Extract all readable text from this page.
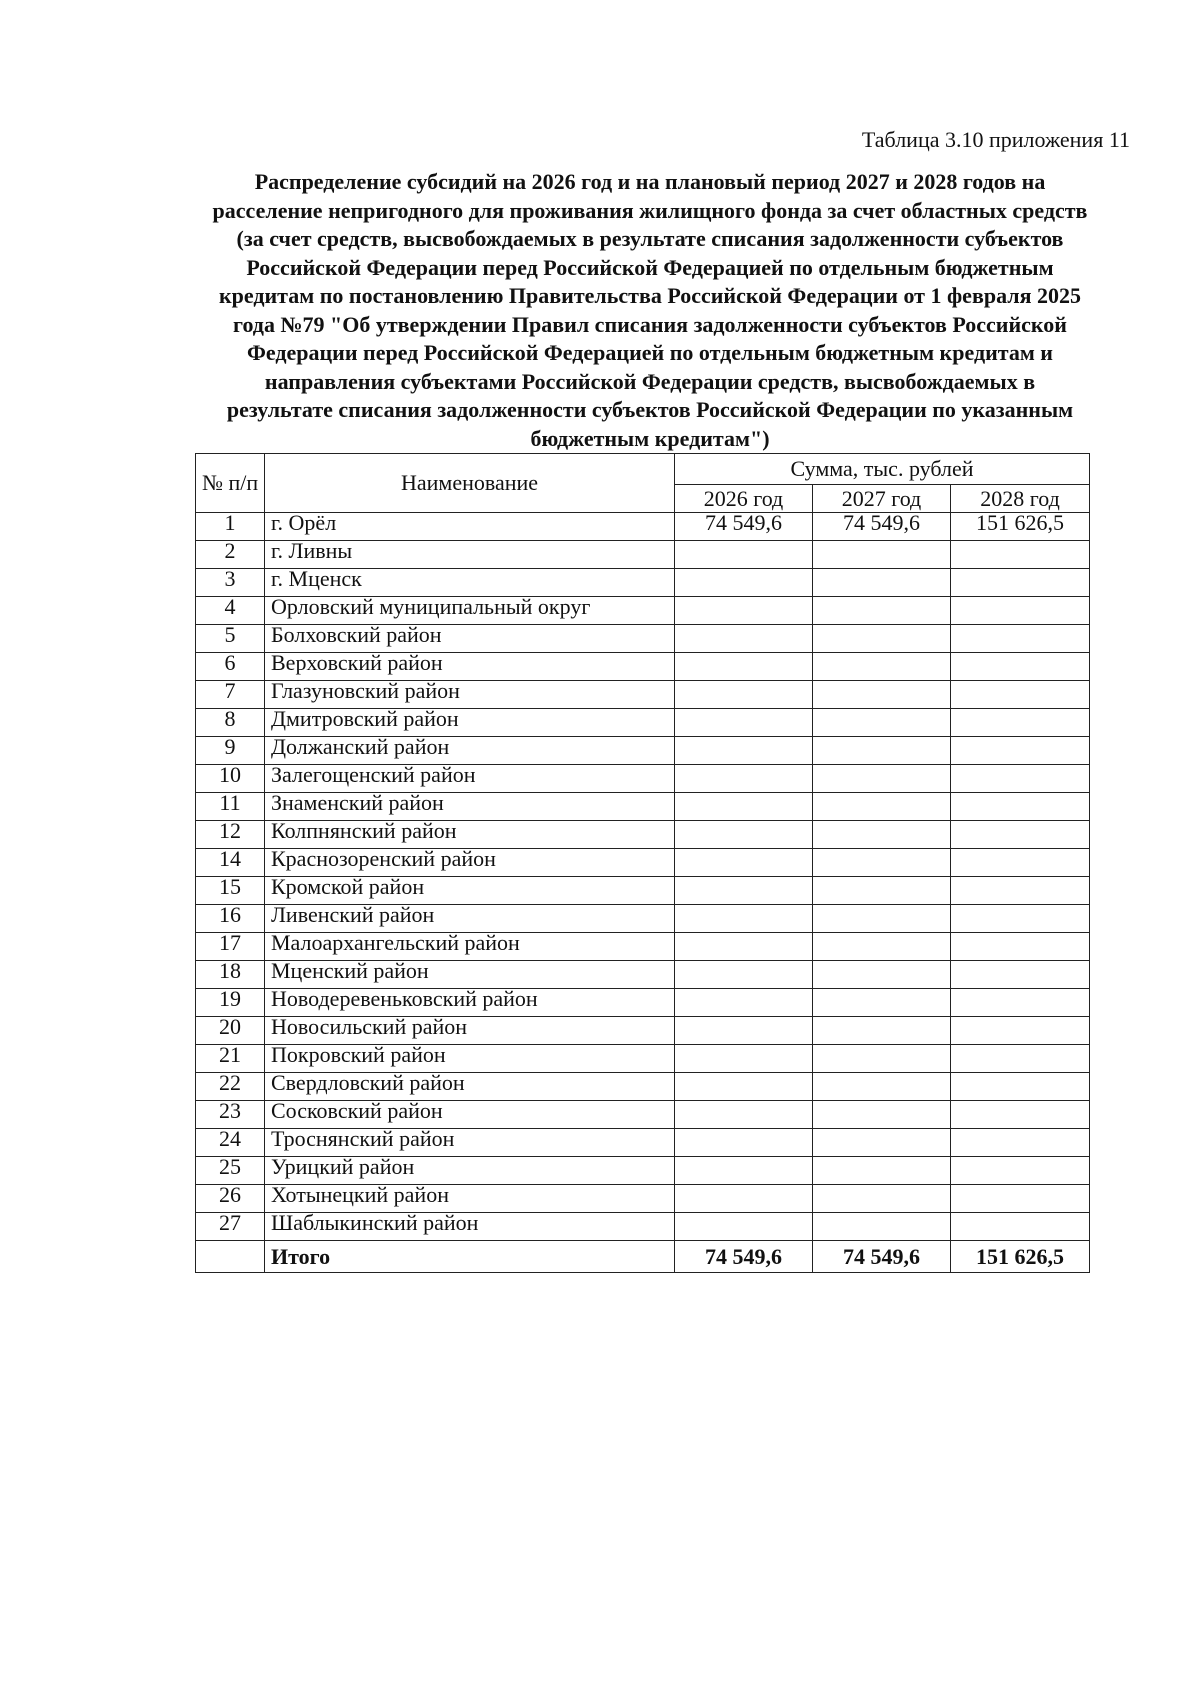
Таблица 3.10 приложения 11
Распределение субсидий на 2026 год и на плановый период 2027 и 2028 годов на
расселение непригодного для проживания жилищного фонда за счет областных средств
(за счет средств, высвобождаемых в результате списания задолженности субъектов
Российской Федерации перед Российской Федерацией по отдельным бюджетным
кредитам по постановлению Правительства Российской Федерации от 1 февраля 2025
года №79 "Об утверждении Правил списания задолженности субъектов Российской
Федерации перед Российской Федерацией по отдельным бюджетным кредитам и
направления субъектами Российской Федерации средств, высвобождаемых в
результате списания задолженности субъектов Российской Федерации по указанным
бюджетным кредитам")
№ п/п	Наименование	Сумма, тыс. рублей		
		2026 год	2027 год	2028 год
1	г. Орёл	74 549,6	74 549,6	151 626,5
2	г. Ливны			
3	г. Мценск			
4	Орловский муниципальный округ			
5	Болховский район			
6	Верховский район			
7	Глазуновский район			
8	Дмитровский район			
9	Должанский район			
10	Залегощенский район			
11	Знаменский район			
12	Колпнянский район			
14	Краснозоренский район			
15	Кромской район			
16	Ливенский район			
17	Малоархангельский район			
18	Мценский район			
19	Новодеревеньковский район			
20	Новосильский район			
21	Покровский район			
22	Свердловский район			
23	Сосковский район			
24	Троснянский район			
25	Урицкий район			
26	Хотынецкий район			
27	Шаблыкинский район			
	Итого	74 549,6	74 549,6	151 626,5
